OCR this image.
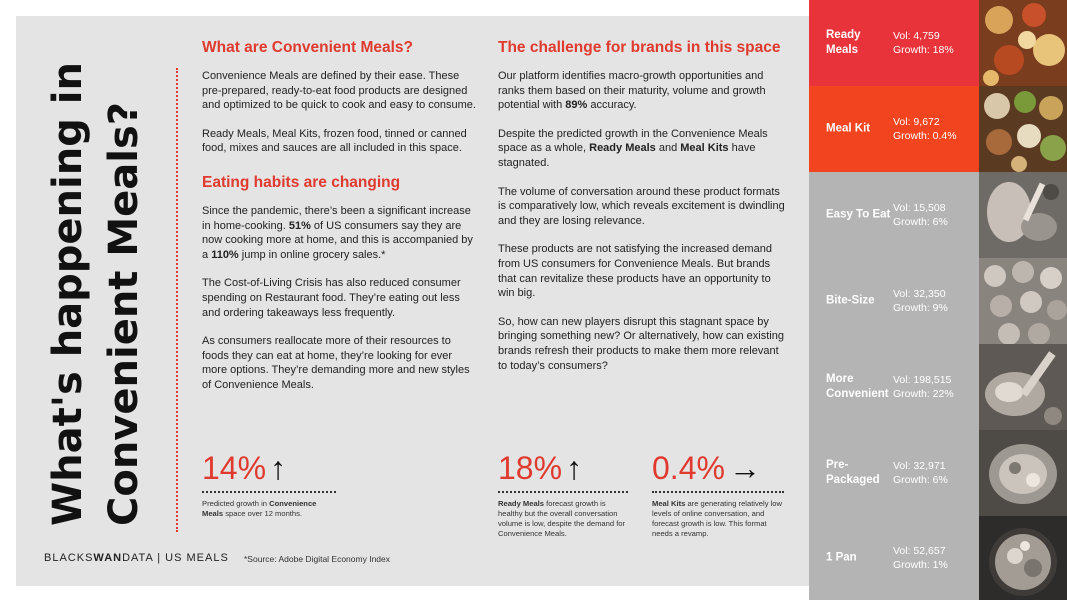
What's happening in Convenient Meals?
What are Convenient Meals?

Convenience Meals are defined by their ease. These pre-prepared, ready-to-eat food products are designed and optimized to be quick to cook and easy to consume.

Ready Meals, Meal Kits, frozen food, tinned or canned food, mixes and sauces are all included in this space.

Eating habits are changing

Since the pandemic, there’s been a significant increase in home-cooking. 51% of US consumers say they are now cooking more at home, and this is accompanied by a 110% jump in online grocery sales.*

The Cost-of-Living Crisis has also reduced consumer spending on Restaurant food. They’re eating out less and ordering takeaways less frequently.

As consumers reallocate more of their resources to foods they can eat at home, they’re looking for ever more options. They’re demanding more and new styles of Convenience Meals.

The challenge for brands in this space

Our platform identifies macro-growth opportunities and ranks them based on their maturity, volume and growth potential with 89% accuracy.

Despite the predicted growth in the Convenience Meals space as a whole, Ready Meals and Meal Kits have stagnated.

The volume of conversation around these product formats is comparatively low, which reveals excitement is dwindling and they are losing relevance.

These products are not satisfying the increased demand from US consumers for Convenience Meals. But brands that can revitalize these products have an opportunity to win big.

So, how can new players disrupt this stagnant space by bringing something new? Or alternatively, how can existing brands refresh their products to make them more relevant to today’s consumers?

14% ↑
Predicted growth in Convenience Meals space over 12 months.
18% ↑
Ready Meals forecast growth is healthy but the overall conversation volume is low, despite the demand for Convenience Meals.
0.4% →
Meal Kits are generating relatively low levels of online conversation, and forecast growth is low. This format needs a revamp.
BLACKSWANDATA | US MEALS *Source: Adobe Digital Economy Index
Ready Meals
Vol: 4,759
Growth: 18%
Meal Kit
Vol: 9,672
Growth: 0.4%
Easy To Eat
Vol: 15,508
Growth: 6%
Bite-Size
Vol: 32,350
Growth: 9%
More Convenient
Vol: 198,515
Growth: 22%
Pre-Packaged
Vol: 32,971
Growth: 6%
1 Pan
Vol: 52,657
Growth: 1%
